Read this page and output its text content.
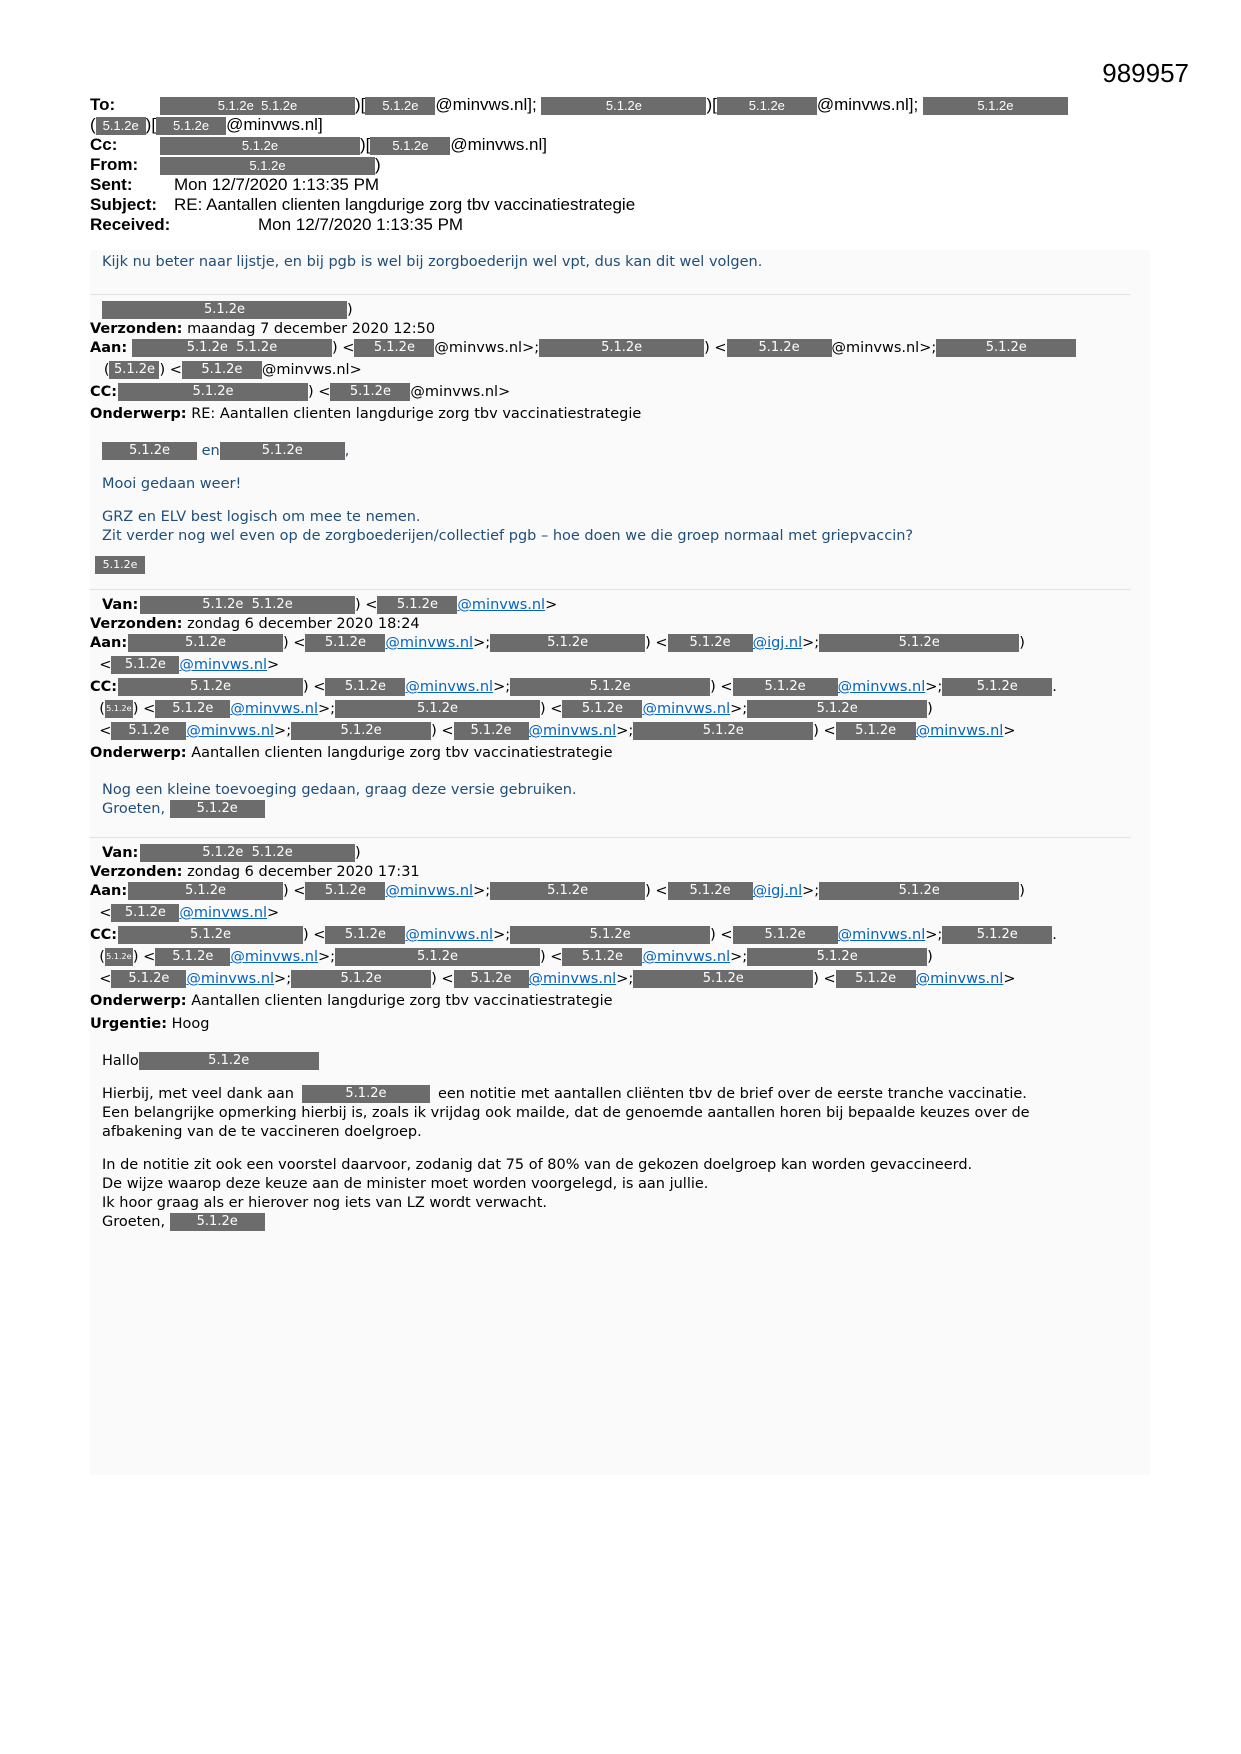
989957
To:	5.1.2e 5.1.2e	)[ 5.1.2e @minvws.nl];	5.1.2e	)[ 5.1.2e @minvws.nl];	5.1.2e
( 5.1.2e )[ 5.1.2e @minvws.nl]
Cc:	5.1.2e	)[ 5.1.2e @minvws.nl]
From:	5.1.2e	)
Sent: Mon 12/7/2020 1:13:35 PM
Subject: RE: Aantallen clienten langdurige zorg tbv vaccinatiestrategie
Received:	Mon 12/7/2020 1:13:35 PM
Kijk nu beter naar lijstje, en bij pgb is wel bij zorgboederijn wel vpt, dus kan dit wel volgen.
5.1.2e	)
Verzonden: maandag 7 december 2020 12:50
Aan:	5.1.2e 5.1.2e	) < 5.1.2e @minvws.nl>;	5.1.2e	) < 5.1.2e @minvws.nl>;	5.1.2e
( 5.1.2e ) < 5.1.2e @minvws.nl>
CC:	5.1.2e	) < 5.1.2e @minvws.nl>
Onderwerp: RE: Aantallen clienten langdurige zorg tbv vaccinatiestrategie
5.1.2e en	5.1.2e	,
Mooi gedaan weer!
GRZ en ELV best logisch om mee te nemen.
Zit verder nog wel even op de zorgboederijen/collectief pgb – hoe doen we die groep normaal met griepvaccin?
5.1.2e
Van:	5.1.2e 5.1.2e	) < 5.1.2e @minvws.nl>
Verzonden: zondag 6 december 2020 18:24
Aan:	5.1.2e	) < 5.1.2e @minvws.nl>;	5.1.2e	) < 5.1.2e @igj.nl>;	5.1.2e	)
< 5.1.2e @minvws.nl>
CC:	5.1.2e	) < 5.1.2e @minvws.nl>;	5.1.2e	) < 5.1.2e @minvws.nl>;	5.1.2e .
(5.1.2e) < 5.1.2e @minvws.nl>;	5.1.2e	) < 5.1.2e @minvws.nl>;	5.1.2e	)
< 5.1.2e @minvws.nl>;	5.1.2e	) < 5.1.2e @minvws.nl>;	5.1.2e	) < 5.1.2e @minvws.nl>
Onderwerp: Aantallen clienten langdurige zorg tbv vaccinatiestrategie
Nog een kleine toevoeging gedaan, graag deze versie gebruiken.
Groeten, 5.1.2e
Van:	5.1.2e 5.1.2e	)
Verzonden: zondag 6 december 2020 17:31
Aan:	5.1.2e	) < 5.1.2e @minvws.nl>;	5.1.2e	) < 5.1.2e @igj.nl>;	5.1.2e	)
< 5.1.2e @minvws.nl>
CC:	5.1.2e	) < 5.1.2e @minvws.nl>;	5.1.2e	) < 5.1.2e @minvws.nl>;	5.1.2e .
(5.1.2e) < 5.1.2e @minvws.nl>;	5.1.2e	) < 5.1.2e @minvws.nl>;	5.1.2e	)
< 5.1.2e @minvws.nl>;	5.1.2e	) < 5.1.2e @minvws.nl>;	5.1.2e	) < 5.1.2e @minvws.nl>
Onderwerp: Aantallen clienten langdurige zorg tbv vaccinatiestrategie
Urgentie: Hoog
Hallo	5.1.2e
Hierbij, met veel dank aan	5.1.2e	een notitie met aantallen cliënten tbv de brief over de eerste tranche vaccinatie.
Een belangrijke opmerking hierbij is, zoals ik vrijdag ook mailde, dat de genoemde aantallen horen bij bepaalde keuzes over de
afbakening van de te vaccineren doelgroep.
In de notitie zit ook een voorstel daarvoor, zodanig dat 75 of 80% van de gekozen doelgroep kan worden gevaccineerd.
De wijze waarop deze keuze aan de minister moet worden voorgelegd, is aan jullie.
Ik hoor graag als er hierover nog iets van LZ wordt verwacht.
Groeten, 5.1.2e
